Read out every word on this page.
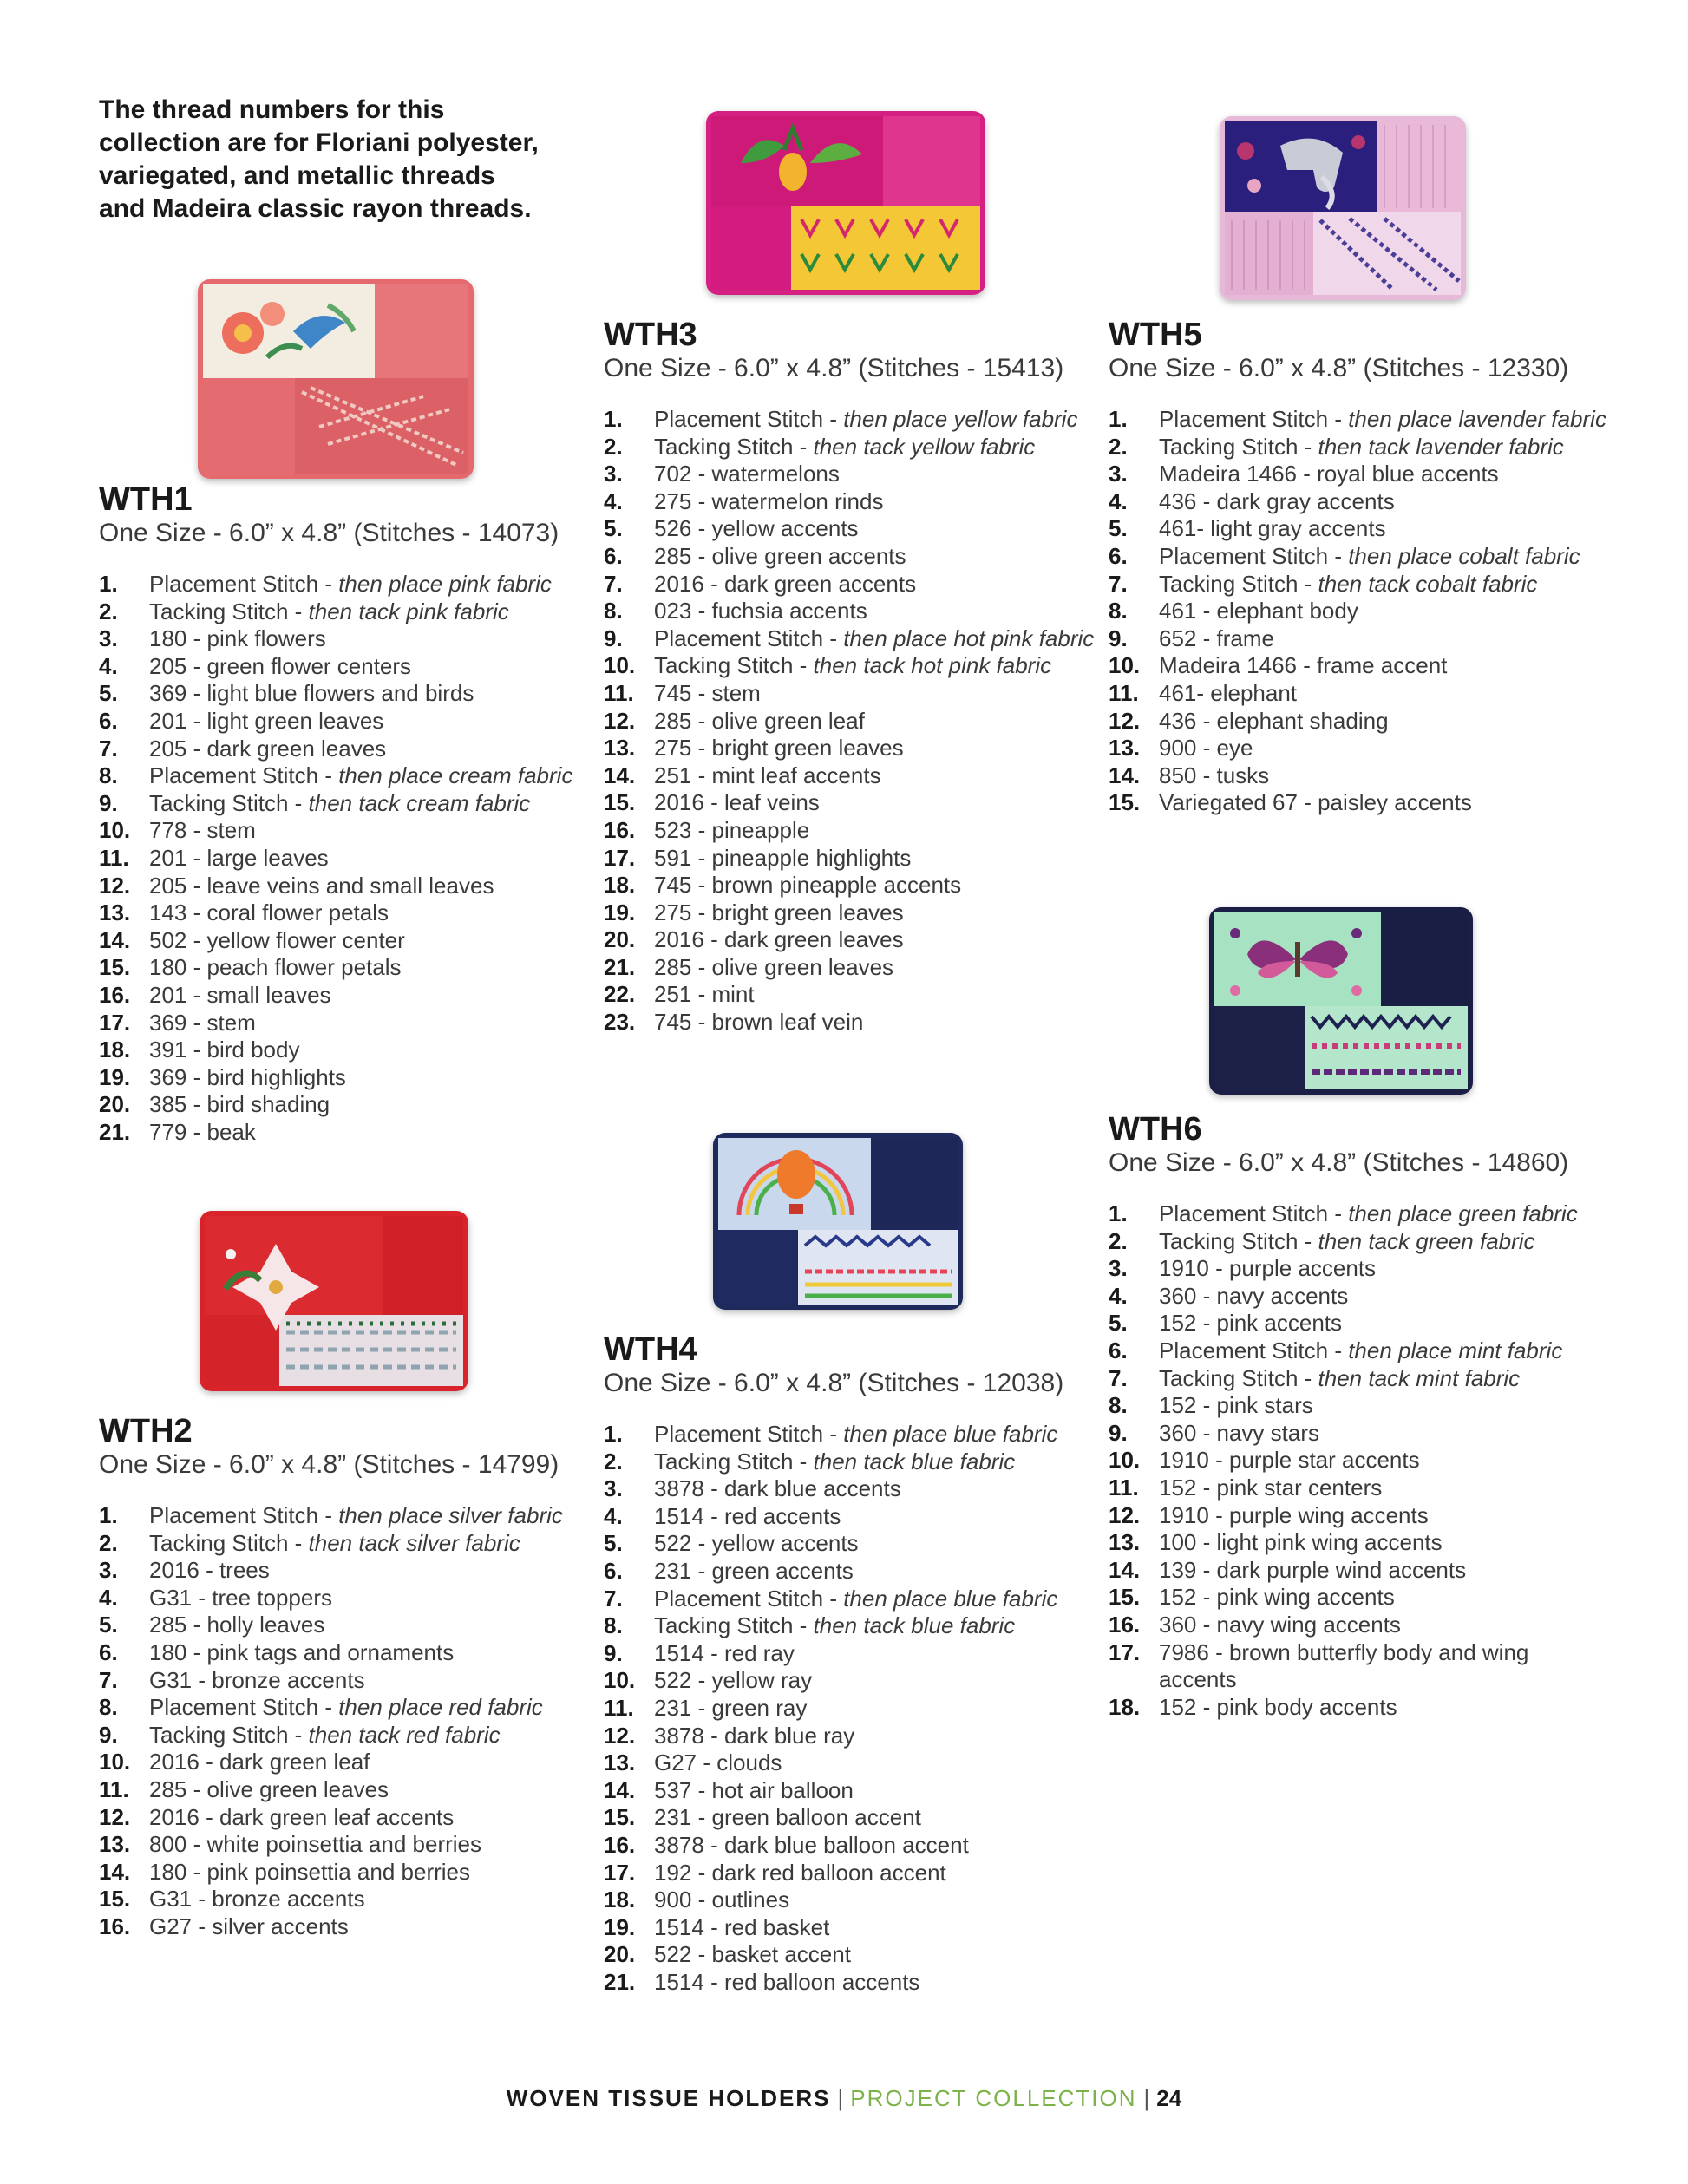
The thread numbers for this
collection are for Floriani polyester,
variegated, and metallic threads
and Madeira classic rayon threads.
WTH1
One Size - 6.0” x 4.8” (Stitches - 14073)
1.	Placement Stitch - then place pink fabric
2.	Tacking Stitch - then tack pink fabric
3.	180 - pink flowers
4.	205 - green flower centers
5.	369 - light blue flowers and birds
6.	201 - light green leaves
7.	205 - dark green leaves
8.	Placement Stitch - then place cream fabric
9.	Tacking Stitch - then tack cream fabric
10. 778 - stem
11. 201 - large leaves
12. 205 - leave veins and small leaves
13. 143 - coral flower petals
14. 502 - yellow flower center
15. 180 - peach flower petals
16. 201 - small leaves
17. 369 - stem
18. 391 - bird body
19. 369 - bird highlights
20. 385 - bird shading
21. 779 - beak
WTH2
One Size - 6.0” x 4.8” (Stitches - 14799)
1.	Placement Stitch - then place silver fabric
2.	Tacking Stitch - then tack silver fabric
3.	2016 - trees
4.	G31 - tree toppers
5.	285 - holly leaves
6.	180 - pink tags and ornaments
7.	G31 - bronze accents
8.	Placement Stitch - then place red fabric
9.	Tacking Stitch - then tack red fabric
10. 2016 - dark green leaf
11. 285 - olive green leaves
12. 2016 - dark green leaf accents
13. 800 - white poinsettia and berries
14. 180 - pink poinsettia and berries
15. G31 - bronze accents
16. G27 - silver accents
WTH3
One Size - 6.0” x 4.8” (Stitches - 15413)
1.	Placement Stitch - then place yellow fabric
2.	Tacking Stitch - then tack yellow fabric
3.	702 - watermelons
4.	275 - watermelon rinds
5.	526 - yellow accents
6.	285 - olive green accents
7.	2016 - dark green accents
8.	023 - fuchsia accents
9.	Placement Stitch - then place hot pink fabric
10. Tacking Stitch - then tack hot pink fabric
11. 745 - stem
12. 285 - olive green leaf
13. 275 - bright green leaves
14. 251 - mint leaf accents
15. 2016 - leaf veins
16. 523 - pineapple
17. 591 - pineapple highlights
18. 745 - brown pineapple accents
19. 275 - bright green leaves
20. 2016 - dark green leaves
21. 285 - olive green leaves
22. 251 - mint
23. 745 - brown leaf vein
WTH4
One Size - 6.0” x 4.8” (Stitches - 12038)
1.	Placement Stitch - then place blue fabric
2.	Tacking Stitch - then tack blue fabric
3.	3878 - dark blue accents
4.	1514 - red accents
5.	522 - yellow accents
6.	231 - green accents
7.	Placement Stitch - then place blue fabric
8.	Tacking Stitch - then tack blue fabric
9.	1514 - red ray
10. 522 - yellow ray
11. 231 - green ray
12. 3878 - dark blue ray
13. G27 - clouds
14. 537 - hot air balloon
15. 231 - green balloon accent
16. 3878 - dark blue balloon accent
17. 192 - dark red balloon accent
18. 900 - outlines
19. 1514 - red basket
20. 522 - basket accent
21. 1514 - red balloon accents
WTH5
One Size - 6.0” x 4.8” (Stitches - 12330)
1.	Placement Stitch - then place lavender fabric
2.	Tacking Stitch - then tack lavender fabric
3.	Madeira 1466 - royal blue accents
4.	436 - dark gray accents
5.	461- light gray accents
6.	Placement Stitch - then place cobalt fabric
7.	Tacking Stitch - then tack cobalt fabric
8.	461 - elephant body
9.	652 - frame
10. Madeira 1466 - frame accent
11. 461- elephant
12. 436 - elephant shading
13. 900 - eye
14. 850 - tusks
15. Variegated 67 - paisley accents
WTH6
One Size - 6.0” x 4.8” (Stitches - 14860)
1.	Placement Stitch - then place green fabric
2.	Tacking Stitch - then tack green fabric
3.	1910 - purple accents
4.	360 - navy accents
5.	152 - pink accents
6.	Placement Stitch - then place mint fabric
7.	Tacking Stitch - then tack mint fabric
8.	152 - pink stars
9.	360 - navy stars
10. 1910 - purple star accents
11. 152 - pink star centers
12. 1910 - purple wing accents
13. 100 - light pink wing accents
14. 139 - dark purple wind accents
15. 152 - pink wing accents
16. 360 - navy wing accents
17. 7986 - brown butterfly body and wing accents
18. 152 - pink body accents
WOVEN TISSUE HOLDERS | PROJECT COLLECTION | 24
